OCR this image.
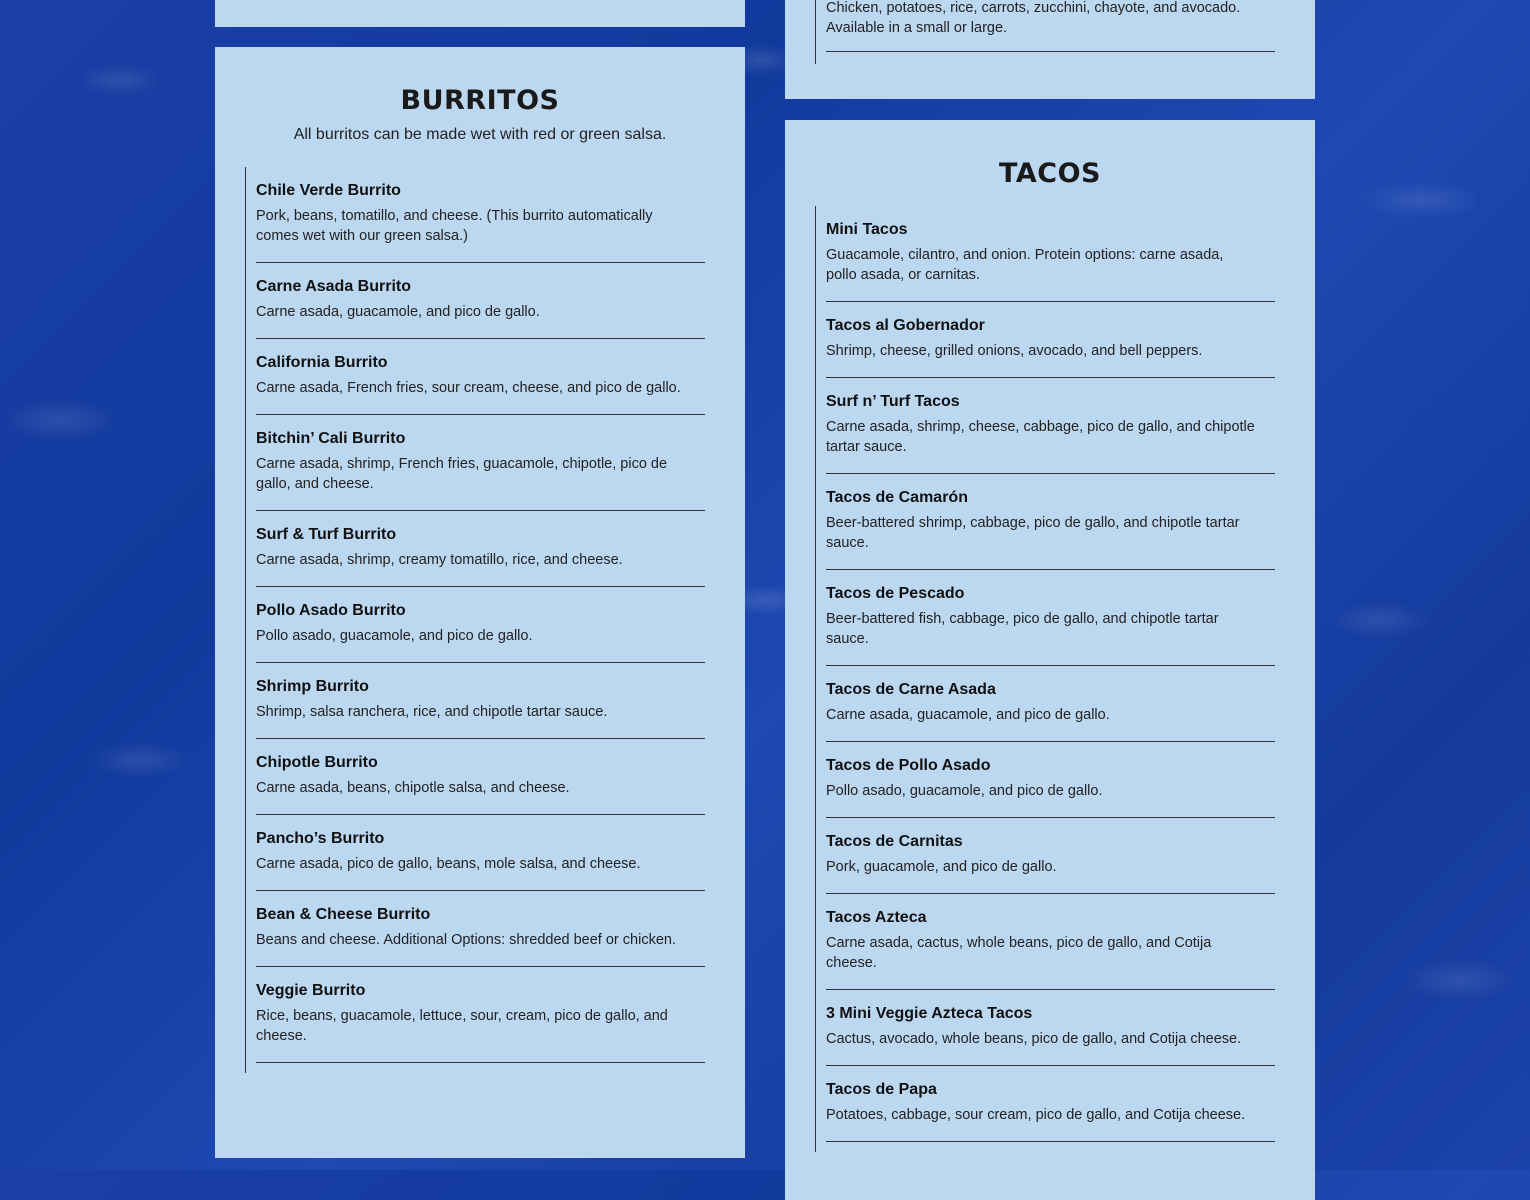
BURRITOS

All burritos can be made wet with red or green salsa.

Chile Verde Burrito
Pork, beans, tomatillo, and cheese. (This burrito automatically comes wet with our green salsa.)
Carne Asada Burrito
Carne asada, guacamole, and pico de gallo.
California Burrito
Carne asada, French fries, sour cream, cheese, and pico de gallo.
Bitchin’ Cali Burrito
Carne asada, shrimp, French fries, guacamole, chipotle, pico de gallo, and cheese.
Surf & Turf Burrito
Carne asada, shrimp, creamy tomatillo, rice, and cheese.
Pollo Asado Burrito
Pollo asado, guacamole, and pico de gallo.
Shrimp Burrito
Shrimp, salsa ranchera, rice, and chipotle tartar sauce.
Chipotle Burrito
Carne asada, beans, chipotle salsa, and cheese.
Pancho’s Burrito
Carne asada, pico de gallo, beans, mole salsa, and cheese.
Bean & Cheese Burrito
Beans and cheese. Additional Options: shredded beef or chicken.
Veggie Burrito
Rice, beans, guacamole, lettuce, sour, cream, pico de gallo, and cheese.
Chicken, potatoes, rice, carrots, zucchini, chayote, and avocado. Available in a small or large.
TACOS
Mini Tacos
Guacamole, cilantro, and onion. Protein options: carne asada, pollo asada, or carnitas.
Tacos al Gobernador
Shrimp, cheese, grilled onions, avocado, and bell peppers.
Surf n’ Turf Tacos
Carne asada, shrimp, cheese, cabbage, pico de gallo, and chipotle tartar sauce.
Tacos de Camarón
Beer-battered shrimp, cabbage, pico de gallo, and chipotle tartar sauce.
Tacos de Pescado
Beer-battered fish, cabbage, pico de gallo, and chipotle tartar sauce.
Tacos de Carne Asada
Carne asada, guacamole, and pico de gallo.
Tacos de Pollo Asado
Pollo asado, guacamole, and pico de gallo.
Tacos de Carnitas
Pork, guacamole, and pico de gallo.
Tacos Azteca
Carne asada, cactus, whole beans, pico de gallo, and Cotija cheese.
3 Mini Veggie Azteca Tacos
Cactus, avocado, whole beans, pico de gallo, and Cotija cheese.
Tacos de Papa
Potatoes, cabbage, sour cream, pico de gallo, and Cotija cheese.
